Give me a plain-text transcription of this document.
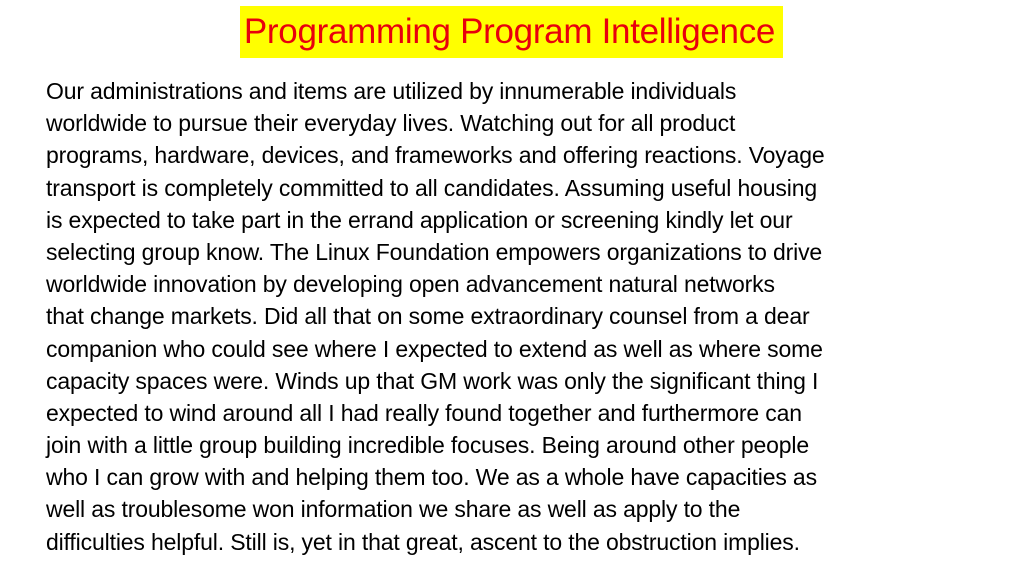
Programming Program Intelligence
Our administrations and items are utilized by innumerable individuals
worldwide to pursue their everyday lives. Watching out for all product
programs, hardware, devices, and frameworks and offering reactions. Voyage
transport is completely committed to all candidates. Assuming useful housing
is expected to take part in the errand application or screening kindly let our
selecting group know. The Linux Foundation empowers organizations to drive
worldwide innovation by developing open advancement natural networks
that change markets. Did all that on some extraordinary counsel from a dear
companion who could see where I expected to extend as well as where some
capacity spaces were. Winds up that GM work was only the significant thing I
expected to wind around all I had really found together and furthermore can
join with a little group building incredible focuses. Being around other people
who I can grow with and helping them too. We as a whole have capacities as
well as troublesome won information we share as well as apply to the
difficulties helpful. Still is, yet in that great, ascent to the obstruction implies.
